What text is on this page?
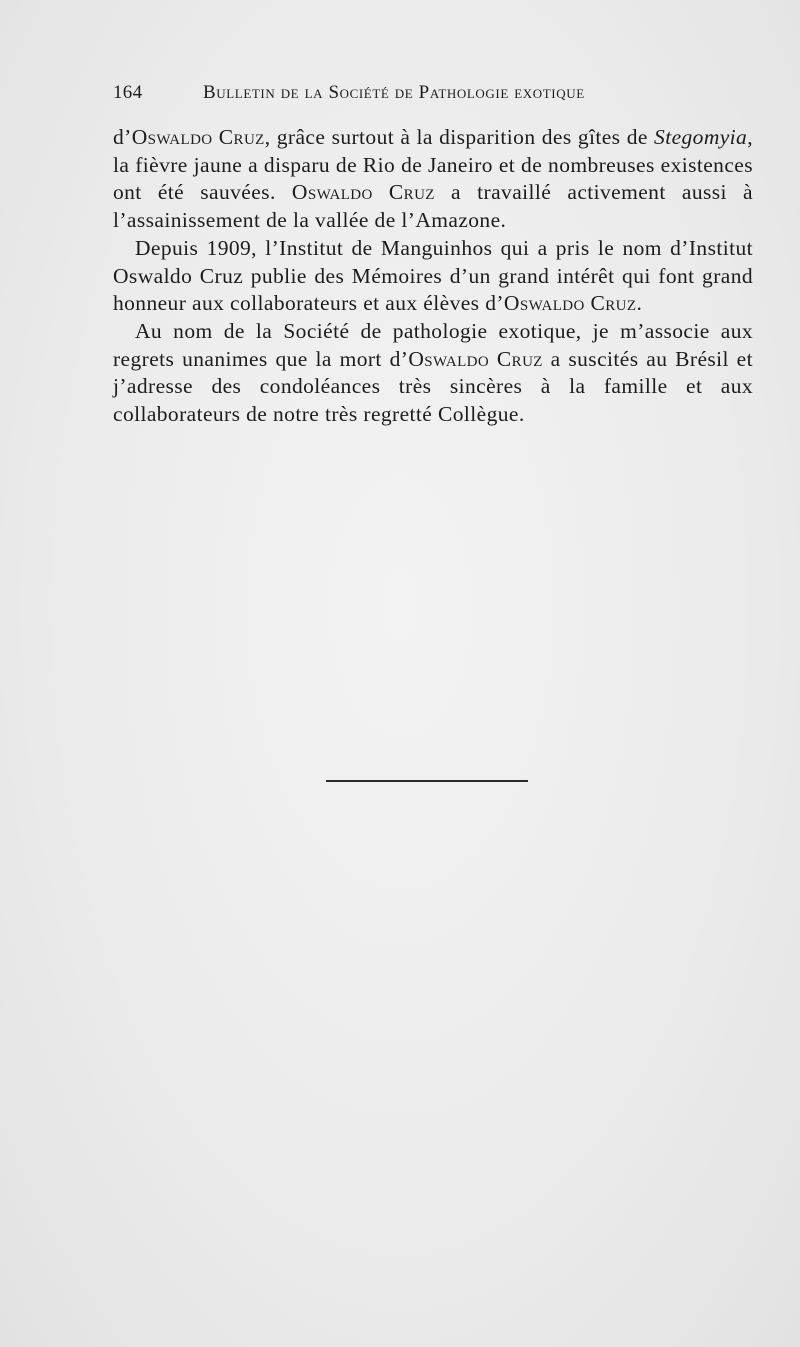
164	Bulletin de la Société de Pathologie exotique

d’Oswaldo Cruz, grâce surtout à la disparition des gîtes de Stegomyia, la fièvre jaune a disparu de Rio de Janeiro et de nombreuses existences ont été sauvées. Oswaldo Cruz a travaillé activement aussi à l’assainissement de la vallée de l’Amazone.

Depuis 1909, l’Institut de Manguinhos qui a pris le nom d’Institut Oswaldo Cruz publie des Mémoires d’un grand intérêt qui font grand honneur aux collaborateurs et aux élèves d’Oswaldo Cruz.

Au nom de la Société de pathologie exotique, je m’associe aux regrets unanimes que la mort d’Oswaldo Cruz a suscités au Brésil et j’adresse des condoléances très sincères à la famille et aux collaborateurs de notre très regretté Collègue.
